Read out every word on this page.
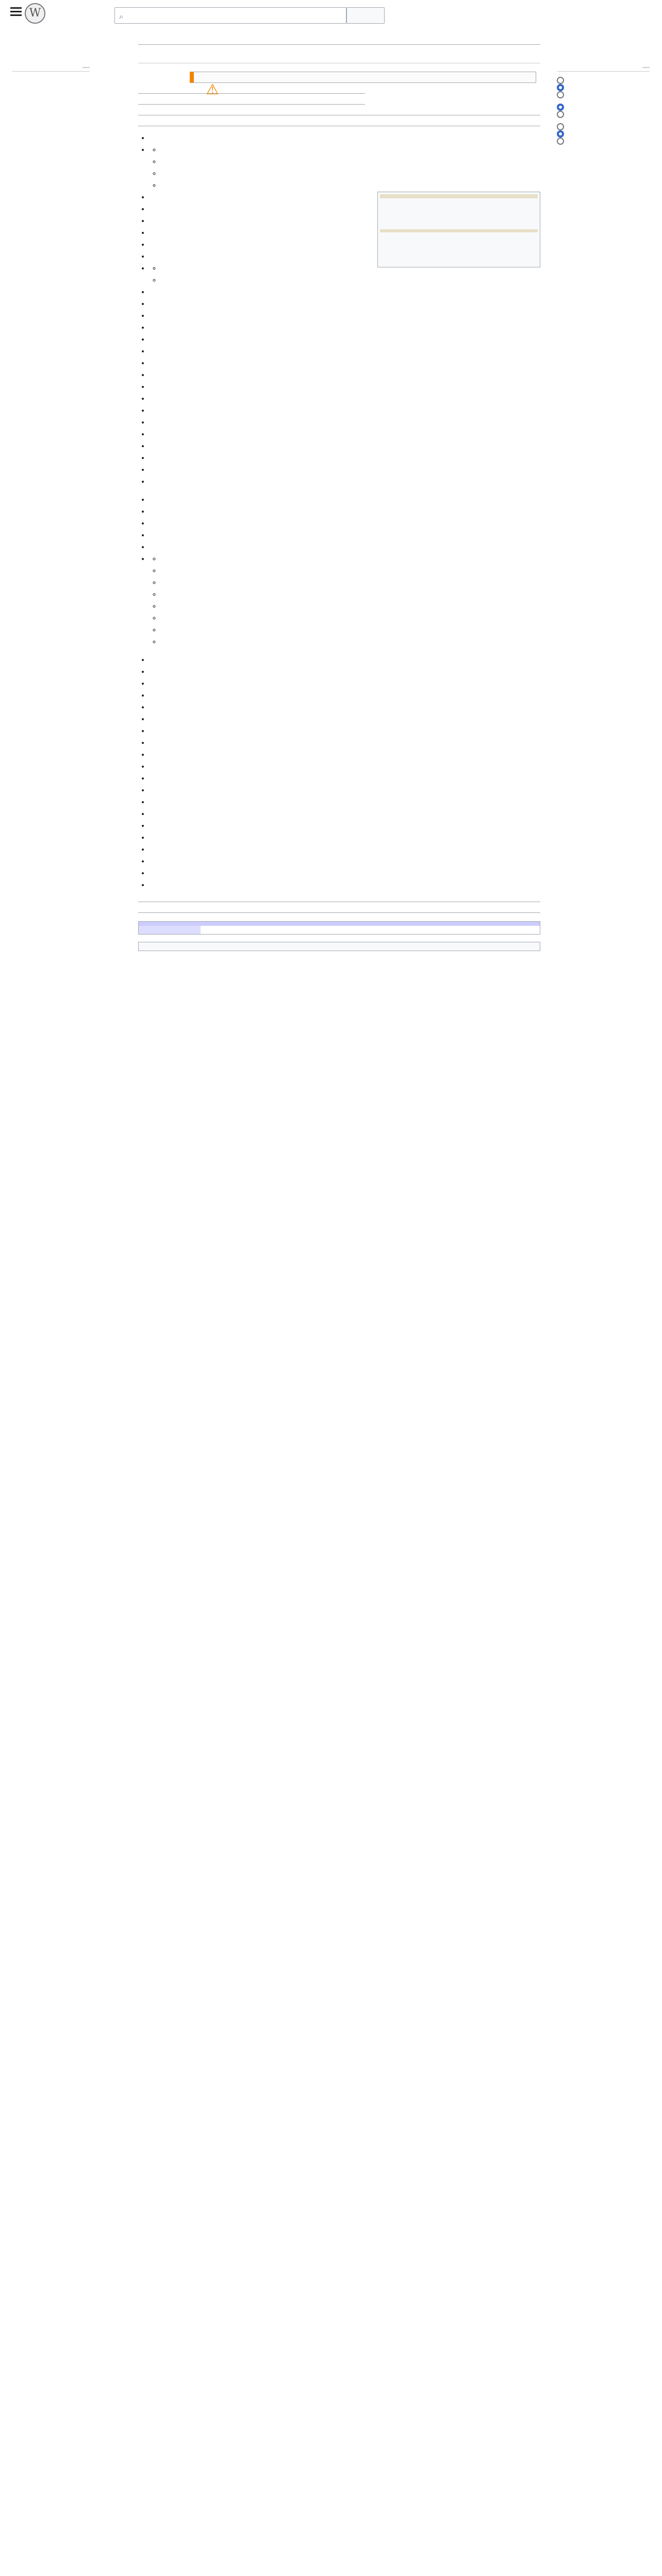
W	⌕
⚠

•
•
◦
◦
◦
◦
•
•
•
•
•
•
•
◦
◦
•
•
•
•
•
•
•
•
•
•
•
•
•
•
•
•
•
•
•
•
•
•
•
◦
◦
◦
◦
◦
◦
◦
◦
•
•
•
•
•
•
•
•
•
•
•
•
•
•
•
•
•
•
•
•
